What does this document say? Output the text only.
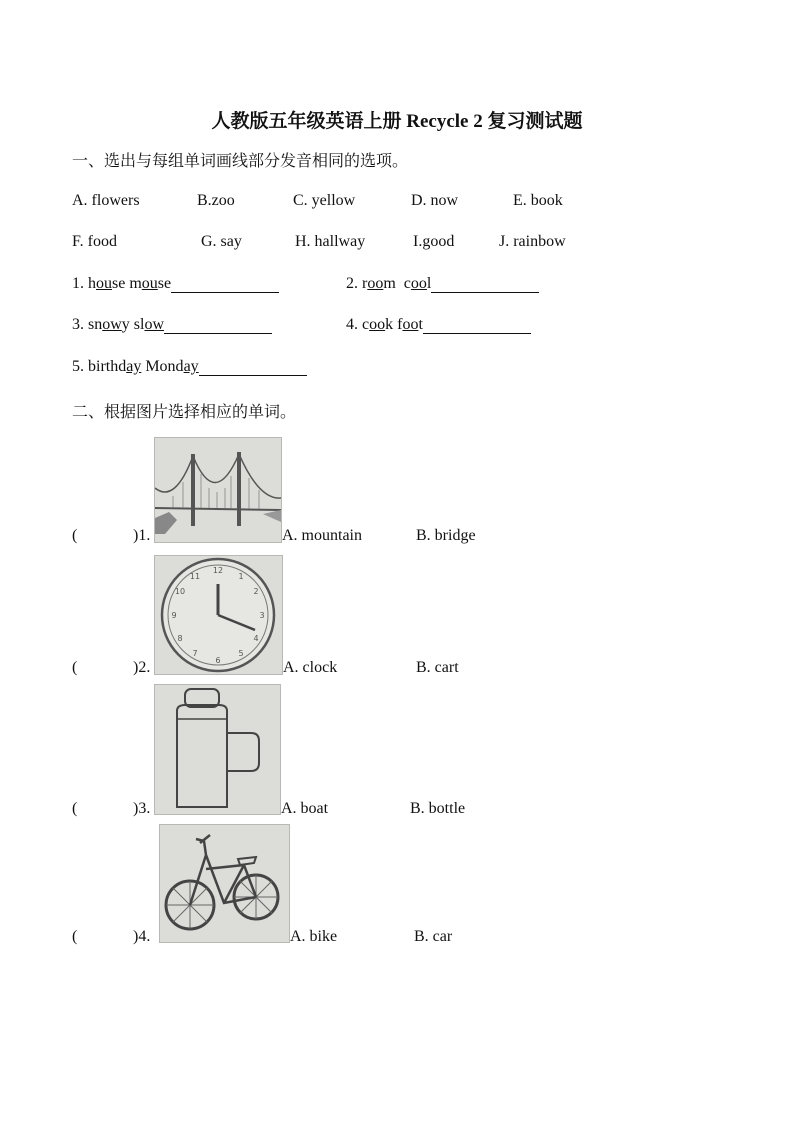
人教版五年级英语上册 Recycle 2 复习测试题
一、选出与每组单词画线部分发音相同的选项。
A. flowers	B.zoo	C. yellow	D. now	E. book
F. food	G. say	H. hallway	I.good	J. rainbow
1. house mouse	2. room  cool
3. snowy slow	4. cook foot
5. birthday Monday
二、根据图片选择相应的单词。
(	)1.	A. mountain	B. bridge
12
1
2
3
4
5
6
7
8
9
10
11
(	)2.	A. clock	B. cart
(	)3.	A. boat	B. bottle
(	)4.	A. bike	B. car
